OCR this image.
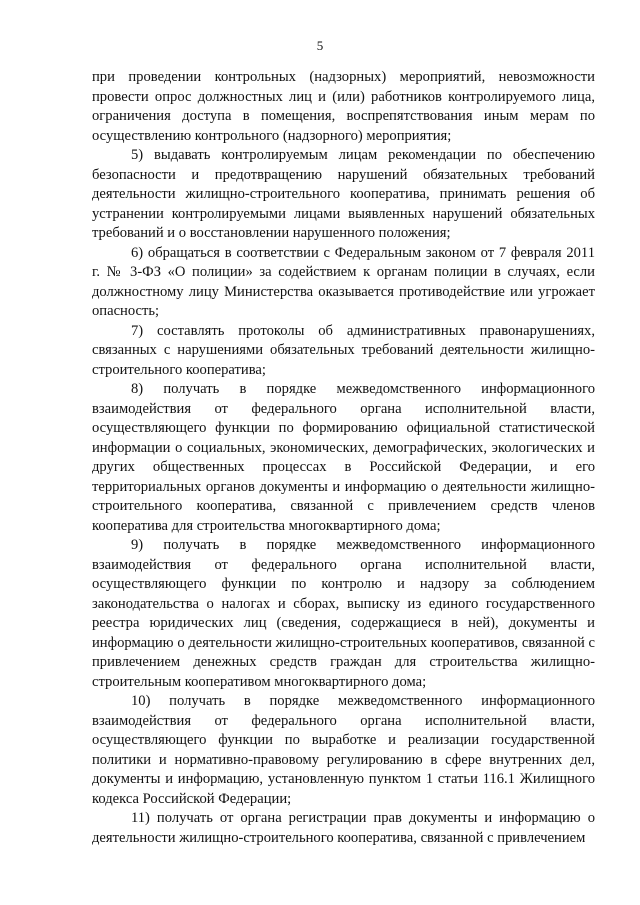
5

при проведении контрольных (надзорных) мероприятий, невозможности провести опрос должностных лиц и (или) работников контролируемого лица, ограничения доступа в помещения, воспрепятствования иным мерам по осуществлению контрольного (надзорного) мероприятия;

5) выдавать контролируемым лицам рекомендации по обеспечению безопасности и предотвращению нарушений обязательных требований деятельности жилищно-строительного кооператива, принимать решения об устранении контролируемыми лицами выявленных нарушений обязательных требований и о восстановлении нарушенного положения;

6) обращаться в соответствии с Федеральным законом от 7 февраля 2011 г. № 3-ФЗ «О полиции» за содействием к органам полиции в случаях, если должностному лицу Министерства оказывается противодействие или угрожает опасность;

7) составлять протоколы об административных правонарушениях, связанных с нарушениями обязательных требований деятельности жилищно-строительного кооператива;

8) получать в порядке межведомственного информационного взаимодействия от федерального органа исполнительной власти, осуществляющего функции по формированию официальной статистической информации о социальных, экономических, демографических, экологических и других общественных процессах в Российской Федерации, и его территориальных органов документы и информацию о деятельности жилищно-строительного кооператива, связанной с привлечением средств членов кооператива для строительства многоквартирного дома;

9) получать в порядке межведомственного информационного взаимодействия от федерального органа исполнительной власти, осуществляющего функции по контролю и надзору за соблюдением законодательства о налогах и сборах, выписку из единого государственного реестра юридических лиц (сведения, содержащиеся в ней), документы и информацию о деятельности жилищно-строительных кооперативов, связанной с привлечением денежных средств граждан для строительства жилищно-строительным кооперативом многоквартирного дома;

10) получать в порядке межведомственного информационного взаимодействия от федерального органа исполнительной власти, осуществляющего функции по выработке и реализации государственной политики и нормативно-правовому регулированию в сфере внутренних дел, документы и информацию, установленную пунктом 1 статьи 116.1 Жилищного кодекса Российской Федерации;

11) получать от органа регистрации прав документы и информацию о деятельности жилищно-строительного кооператива, связанной с привлечением
